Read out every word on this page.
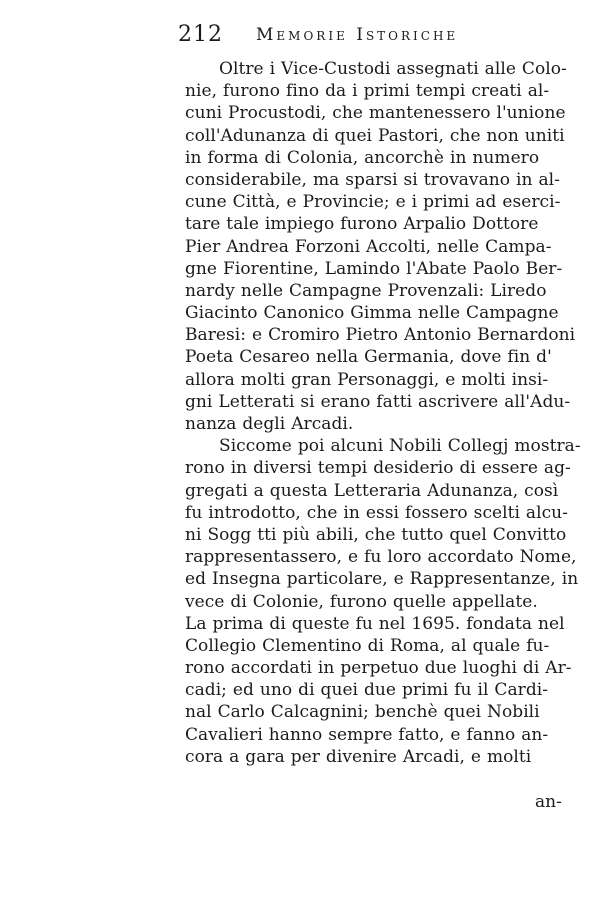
212 Memorie Istoriche
Oltre i Vice-Custodi assegnati alle Colo-
nie, furono fino da i primi tempi creati al-
cuni Procustodi, che mantenessero l'unione
coll'Adunanza di quei Pastori, che non uniti
in forma di Colonia, ancorchè in numero
considerabile, ma sparsi si trovavano in al-
cune Città, e Provincie; e i primi ad eserci-
tare tale impiego furono Arpalio Dottore
Pier Andrea Forzoni Accolti, nelle Campa-
gne Fiorentine, Lamindo l'Abate Paolo Ber-
nardy nelle Campagne Provenzali: Liredo
Giacinto Canonico Gimma nelle Campagne
Baresi: e Cromiro Pietro Antonio Bernardoni
Poeta Cesareo nella Germania, dove fin d'
allora molti gran Personaggi, e molti insi-
gni Letterati si erano fatti ascrivere all'Adu-
nanza degli Arcadi.
Siccome poi alcuni Nobili Collegj mostra-
rono in diversi tempi desiderio di essere ag-
gregati a questa Letteraria Adunanza, così
fu introdotto, che in essi fossero scelti alcu-
ni Sogg tti più abili, che tutto quel Convitto
rappresentassero, e fu loro accordato Nome,
ed Insegna particolare, e Rappresentanze, in
vece di Colonie, furono quelle appellate.
La prima di queste fu nel 1695. fondata nel
Collegio Clementino di Roma, al quale fu-
rono accordati in perpetuo due luoghi di Ar-
cadi; ed uno di quei due primi fu il Cardi-
nal Carlo Calcagnini; benchè quei Nobili
Cavalieri hanno sempre fatto, e fanno an-
cora a gara per divenire Arcadi, e molti
an-
